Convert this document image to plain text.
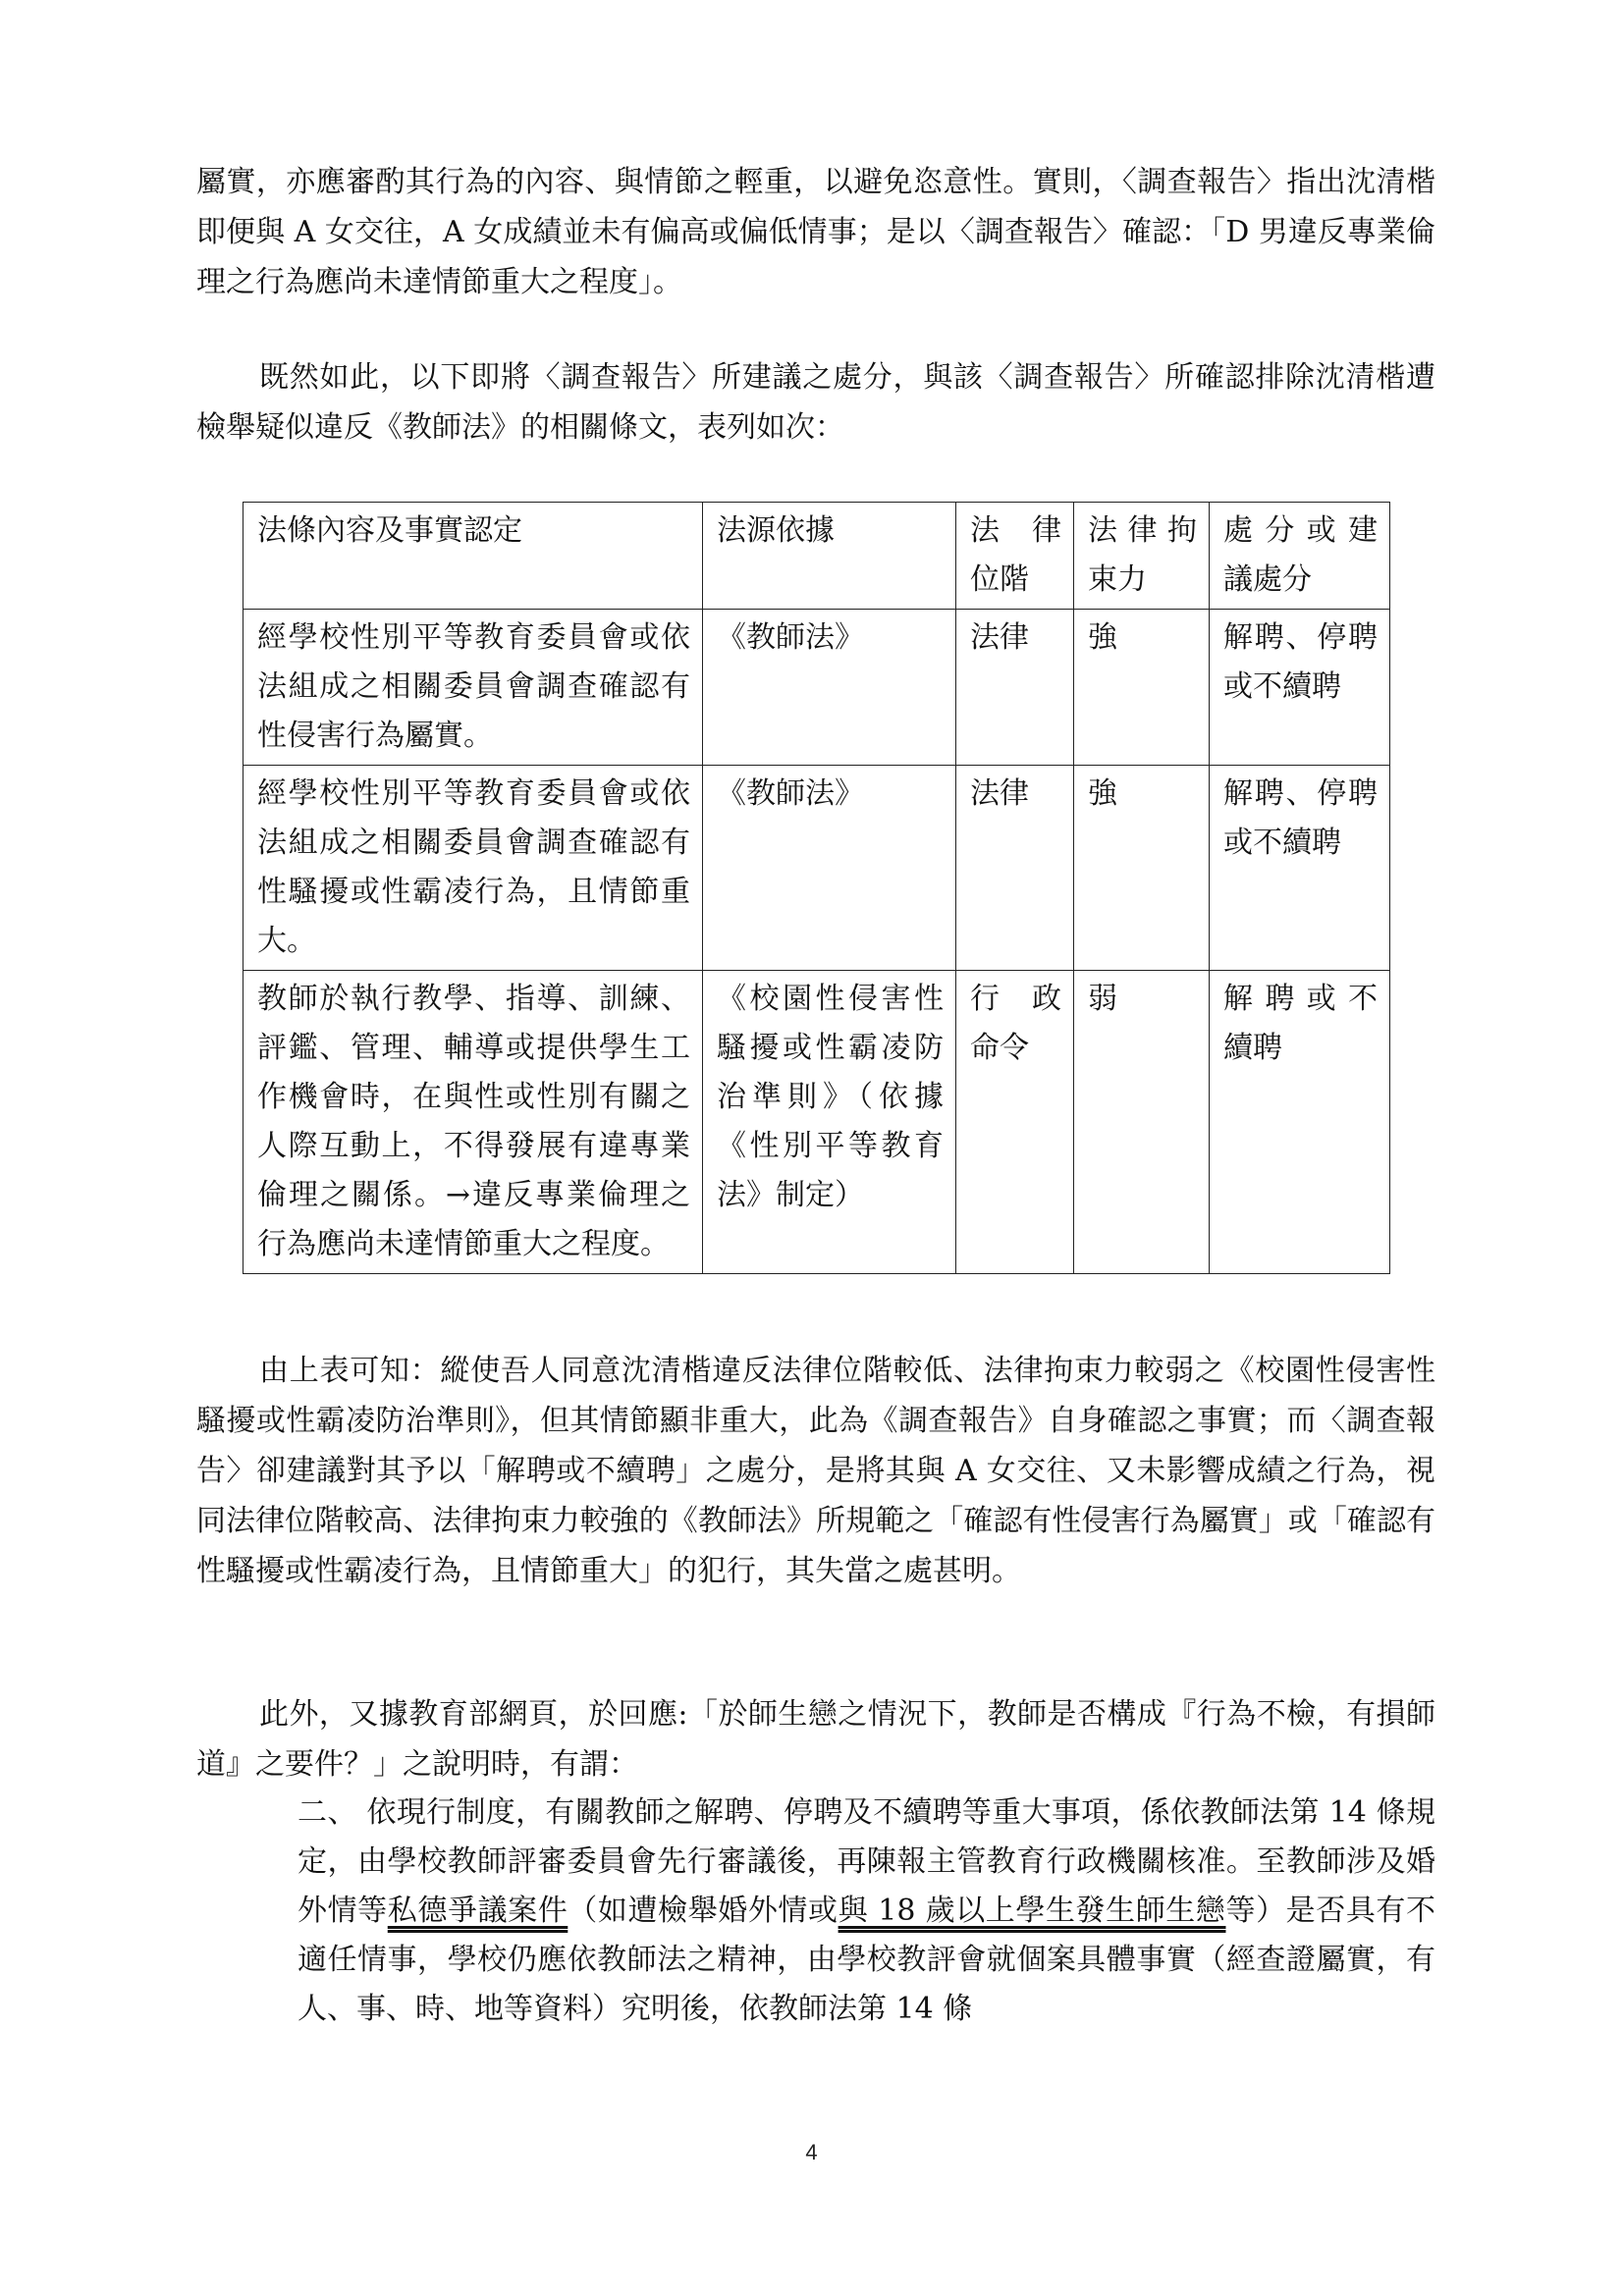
屬實，亦應審酌其行為的內容、與情節之輕重，以避免恣意性。實則，〈調查報告〉指出沈清楷即便與 A 女交往，A 女成績並未有偏高或偏低情事；是以〈調查報告〉確認：「D 男違反專業倫理之行為應尚未達情節重大之程度」。

既然如此，以下即將〈調查報告〉所建議之處分，與該〈調查報告〉所確認排除沈清楷遭檢舉疑似違反《教師法》的相關條文，表列如次：

法條內容及事實認定	法源依據	法 律位階	法律拘束力	處 分 或 建議處分
經學校性別平等教育委員會或依法組成之相關委員會調查確認有性侵害行為屬實。	《教師法》	法律	強	解聘、停聘或不續聘
經學校性別平等教育委員會或依法組成之相關委員會調查確認有性騷擾或性霸凌行為，且情節重大。	《教師法》	法律	強	解聘、停聘或不續聘
教師於執行教學、指導、訓練、評鑑、管理、輔導或提供學生工作機會時，在與性或性別有關之人際互動上，不得發展有違專業倫理之關係。→違反專業倫理之行為應尚未達情節重大之程度。	《校園性侵害性騷擾或性霸凌防治準則》（依據《性別平等教育法》制定）	行 政命令	弱	解 聘 或 不續聘

由上表可知：縱使吾人同意沈清楷違反法律位階較低、法律拘束力較弱之《校園性侵害性騷擾或性霸凌防治準則》，但其情節顯非重大，此為《調查報告》自身確認之事實；而〈調查報告〉卻建議對其予以「解聘或不續聘」之處分，是將其與 A 女交往、又未影響成績之行為，視同法律位階較高、法律拘束力較強的《教師法》所規範之「確認有性侵害行為屬實」或「確認有性騷擾或性霸凌行為，且情節重大」的犯行，其失當之處甚明。

此外，又據教育部網頁，於回應:「於師生戀之情況下，教師是否構成『行為不檢，有損師道』之要件？」之說明時，有謂：

二、 依現行制度，有關教師之解聘、停聘及不續聘等重大事項，係依教師法第 14 條規定，由學校教師評審委員會先行審議後，再陳報主管教育行政機關核准。至教師涉及婚外情等私德爭議案件（如遭檢舉婚外情或與 18 歲以上學生發生師生戀等）是否具有不適任情事，學校仍應依教師法之精神，由學校教評會就個案具體事實（經查證屬實，有人、事、時、地等資料）究明後，依教師法第 14 條

4
